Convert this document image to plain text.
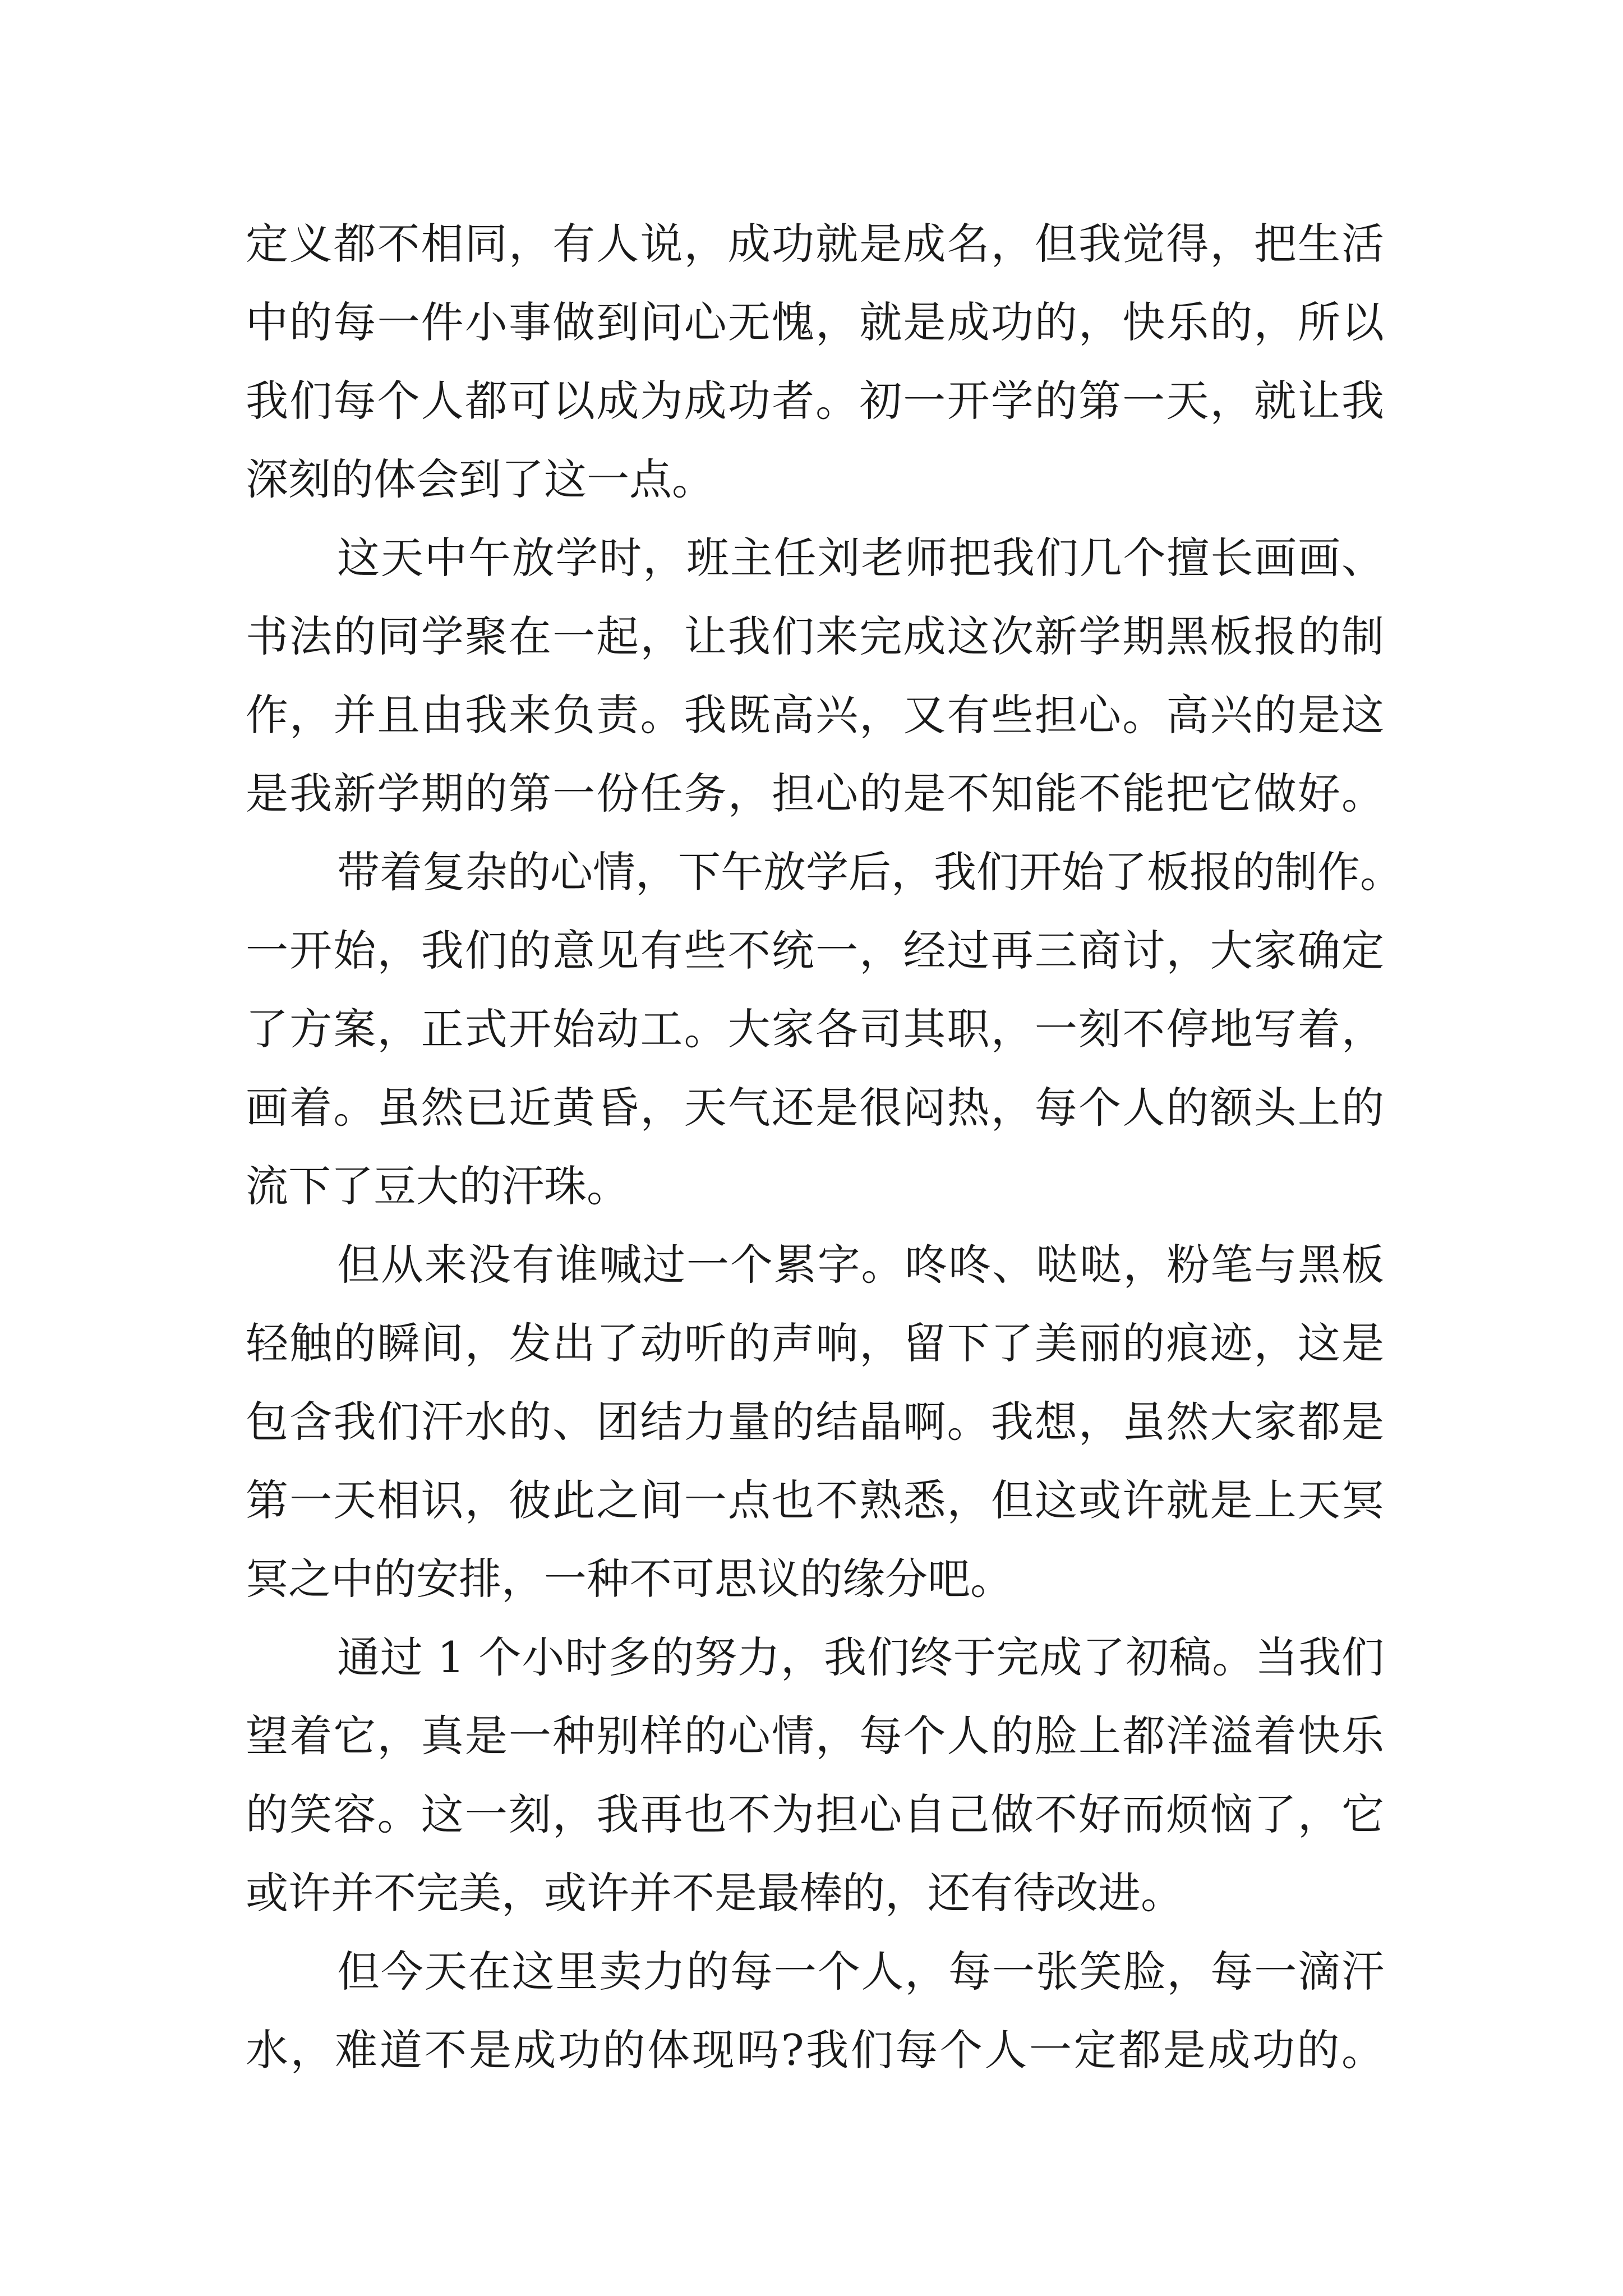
定义都不相同，有人说，成功就是成名，但我觉得，把生活
中的每一件小事做到问心无愧，就是成功的，快乐的，所以
我们每个人都可以成为成功者。初一开学的第一天，就让我
深刻的体会到了这一点。
这天中午放学时，班主任刘老师把我们几个擅长画画、
书法的同学聚在一起，让我们来完成这次新学期黑板报的制
作，并且由我来负责。我既高兴，又有些担心。高兴的是这
是我新学期的第一份任务，担心的是不知能不能把它做好。
带着复杂的心情，下午放学后，我们开始了板报的制作。
一开始，我们的意见有些不统一，经过再三商讨，大家确定
了方案，正式开始动工。大家各司其职，一刻不停地写着，
画着。虽然已近黄昏，天气还是很闷热，每个人的额头上的
流下了豆大的汗珠。
但从来没有谁喊过一个累字。咚咚、哒哒，粉笔与黑板
轻触的瞬间，发出了动听的声响，留下了美丽的痕迹，这是
包含我们汗水的、团结力量的结晶啊。我想，虽然大家都是
第一天相识，彼此之间一点也不熟悉，但这或许就是上天冥
冥之中的安排，一种不可思议的缘分吧。
通过 1 个小时多的努力，我们终于完成了初稿。当我们
望着它，真是一种别样的心情，每个人的脸上都洋溢着快乐
的笑容。这一刻，我再也不为担心自己做不好而烦恼了，它
或许并不完美，或许并不是最棒的，还有待改进。
但今天在这里卖力的每一个人，每一张笑脸，每一滴汗
水，难道不是成功的体现吗?我们每个人一定都是成功的。
